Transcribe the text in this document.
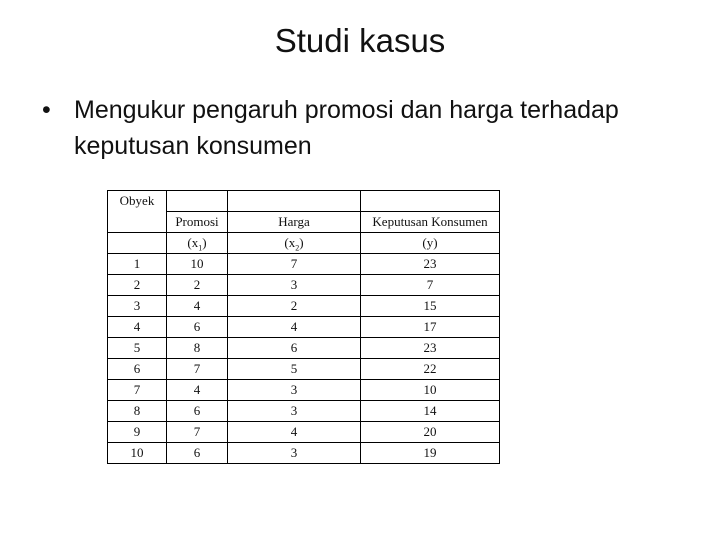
Studi kasus
• Mengukur pengaruh promosi dan harga terhadap keputusan konsumen
Obyek			
	Promosi	Harga	Keputusan Konsumen
	$(x_1)$	$(x_2)$	(y)
1	10	7	23
2	2	3	7
3	4	2	15
4	6	4	17
5	8	6	23
6	7	5	22
7	4	3	10
8	6	3	14
9	7	4	20
10	6	3	19
